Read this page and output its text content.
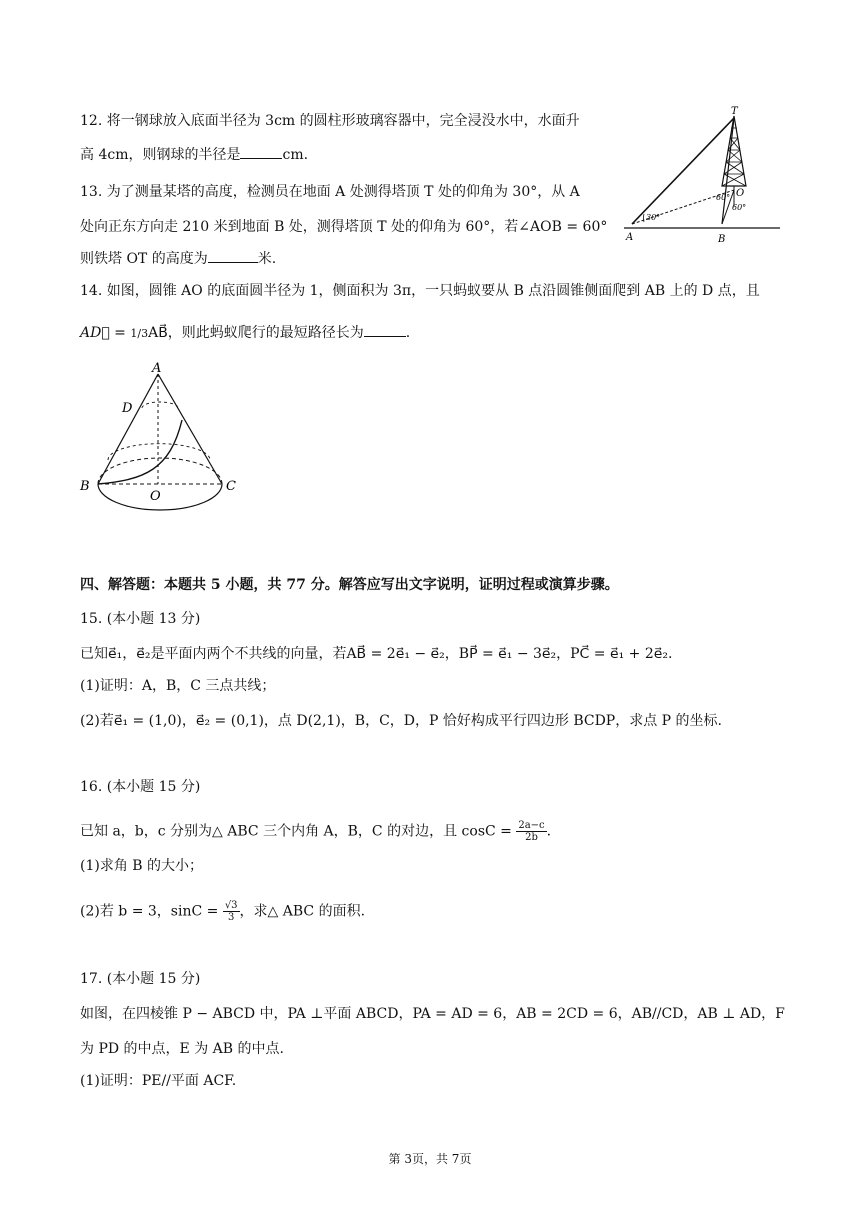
12. 将一钢球放入底面半径为 3cm 的圆柱形玻璃容器中，完全浸没水中，水面升
高 4cm，则钢球的半径是	cm.
13. 为了测量某塔的高度，检测员在地面 A 处测得塔顶 T 处的仰角为 30°，从 A
处向正东方向走 210 米到地面 B 处，测得塔顶 T 处的仰角为 60°，若∠AOB = 60°
则铁塔 OT 的高度为	米.
30°
60°
60°
T
O
A	B
14. 如图，圆锥 AO 的底面圆半径为 1，侧面积为 3π，一只蚂蚁要从 B 点沿圆锥侧面爬到 AB 上的 D 点，且
AD⃗ = 1/3AB⃗，则此蚂蚁爬行的最短路径长为	.
A
D
B
O
C
四、解答题：本题共 5 小题，共 77 分。解答应写出文字说明，证明过程或演算步骤。
15. (本小题 13 分)
已知e⃗₁，e⃗₂是平面内两个不共线的向量，若AB⃗ = 2e⃗₁ − e⃗₂，BP⃗ = e⃗₁ − 3e⃗₂，PC⃗ = e⃗₁ + 2e⃗₂.
(1)证明：A，B，C 三点共线；
(2)若e⃗₁ = (1,0)，e⃗₂ = (0,1)，点 D(2,1)，B，C，D，P 恰好构成平行四边形 BCDP，求点 P 的坐标.
16. (本小题 15 分)
已知 a，b，c 分别为△ ABC 三个内角 A，B，C 的对边，且 $\cos C = \frac{2a-c}{2b}$ .
(1)求角 B 的大小；
(2)若 b = 3，$\sin C = \frac{√3}{3}$ ，求△ ABC 的面积.
17. (本小题 15 分)
如图，在四棱锥 P − ABCD 中，PA ⊥平面 ABCD，PA = AD = 6，AB = 2CD = 6，AB//CD，AB ⊥ AD，F
为 PD 的中点，E 为 AB 的中点.
(1)证明：PE//平面 ACF.
第 3页，共 7页
